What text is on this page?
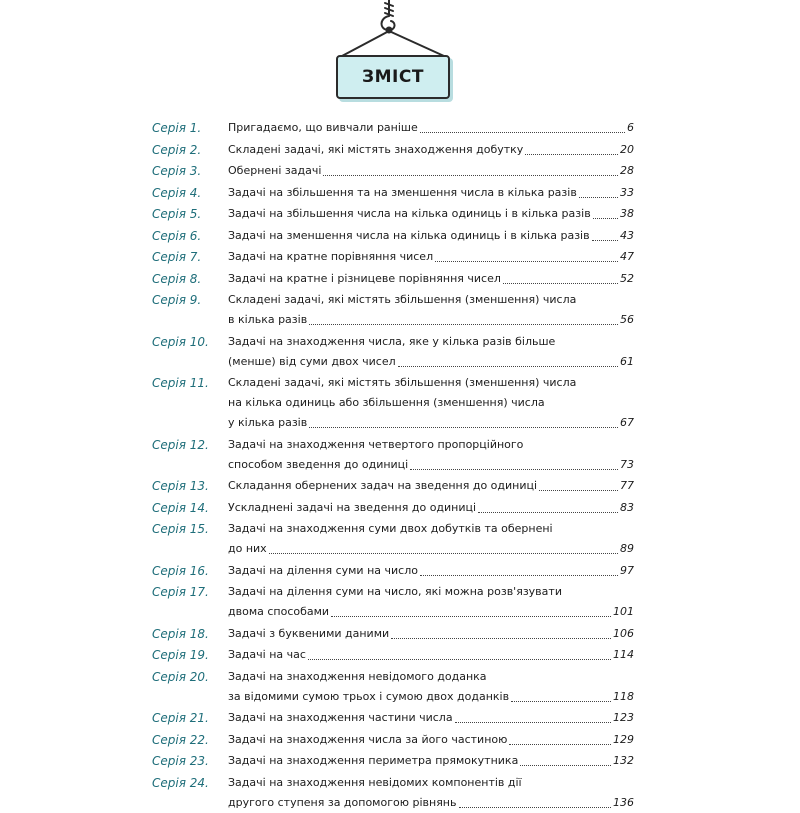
ЗМІСТ
Серія 1.	Пригадаємо, що вивчали раніше	6
Серія 2.	Складені задачі, які містять знаходження добутку	20
Серія 3.	Обернені задачі	28
Серія 4.	Задачі на збільшення та на зменшення числа в кілька разів	33
Серія 5.	Задачі на збільшення числа на кілька одиниць і в кілька разів	38
Серія 6.	Задачі на зменшення числа на кілька одиниць і в кілька разів	43
Серія 7.	Задачі на кратне порівняння чисел	47
Серія 8.	Задачі на кратне і різницеве порівняння чисел	52
Серія 9.	Складені задачі, які містять збільшення (зменшення) числа
в кілька разів	56
Серія 10.	Задачі на знаходження числа, яке у кілька разів більше
(менше) від суми двох чисел	61
Серія 11.	Складені задачі, які містять збільшення (зменшення) числа
на кілька одиниць або збільшення (зменшення) числа
у кілька разів	67
Серія 12.	Задачі на знаходження четвертого пропорційного
способом зведення до одиниці	73
Серія 13.	Складання обернених задач на зведення до одиниці	77
Серія 14.	Ускладнені задачі на зведення до одиниці	83
Серія 15.	Задачі на знаходження суми двох добутків та обернені
до них	89
Серія 16.	Задачі на ділення суми на число	97
Серія 17.	Задачі на ділення суми на число, які можна розв'язувати
двома способами	101
Серія 18.	Задачі з буквеними даними	106
Серія 19.	Задачі на час	114
Серія 20.	Задачі на знаходження невідомого доданка
за відомими сумою трьох і сумою двох доданків	118
Серія 21.	Задачі на знаходження частини числа	123
Серія 22.	Задачі на знаходження числа за його частиною	129
Серія 23.	Задачі на знаходження периметра прямокутника	132
Серія 24.	Задачі на знаходження невідомих компонентів дії
другого ступеня за допомогою рівнянь	136
